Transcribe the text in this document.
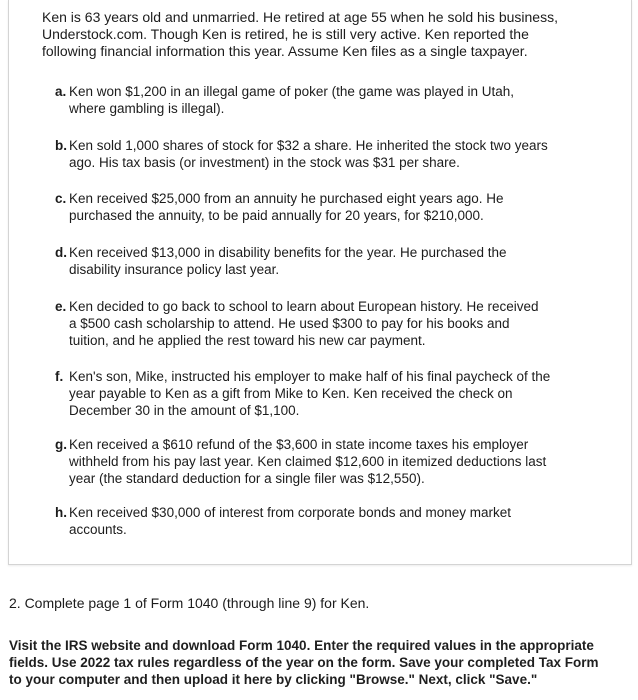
Ken is 63 years old and unmarried. He retired at age 55 when he sold his business,
Understock.com. Though Ken is retired, he is still very active. Ken reported the
following financial information this year. Assume Ken files as a single taxpayer.

a. Ken won $1,200 in an illegal game of poker (the game was played in Utah,
where gambling is illegal).

b. Ken sold 1,000 shares of stock for $32 a share. He inherited the stock two years
ago. His tax basis (or investment) in the stock was $31 per share.

c. Ken received $25,000 from an annuity he purchased eight years ago. He
purchased the annuity, to be paid annually for 20 years, for $210,000.

d. Ken received $13,000 in disability benefits for the year. He purchased the
disability insurance policy last year.

e. Ken decided to go back to school to learn about European history. He received
a $500 cash scholarship to attend. He used $300 to pay for his books and
tuition, and he applied the rest toward his new car payment.

f. Ken's son, Mike, instructed his employer to make half of his final paycheck of the
year payable to Ken as a gift from Mike to Ken. Ken received the check on
December 30 in the amount of $1,100.

g. Ken received a $610 refund of the $3,600 in state income taxes his employer
withheld from his pay last year. Ken claimed $12,600 in itemized deductions last
year (the standard deduction for a single filer was $12,550).

h. Ken received $30,000 of interest from corporate bonds and money market
accounts.

2. Complete page 1 of Form 1040 (through line 9) for Ken.

Visit the IRS website and download Form 1040. Enter the required values in the appropriate
fields. Use 2022 tax rules regardless of the year on the form. Save your completed Tax Form
to your computer and then upload it here by clicking "Browse." Next, click "Save."
